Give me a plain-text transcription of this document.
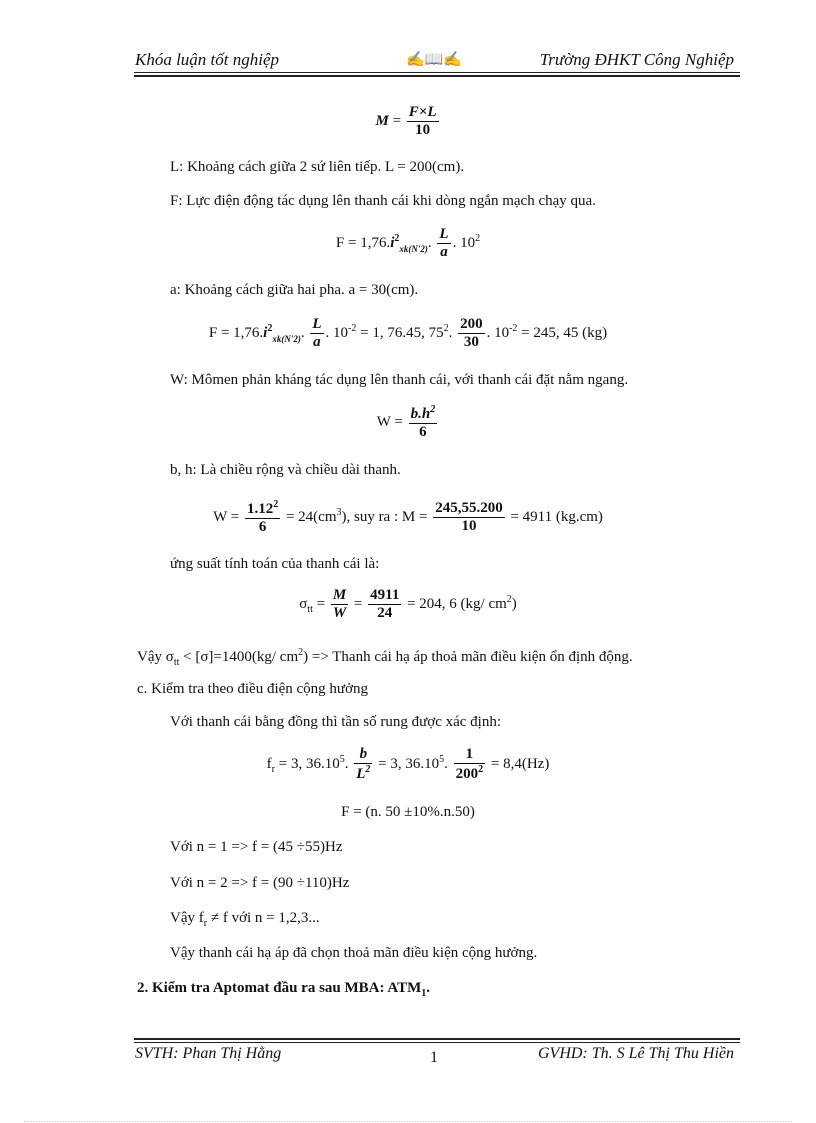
Khóa luận tốt nghiệp	✍📖✍	Trường ĐHKT Công Nghiệp
$M = \frac{F\times L}{10}$
L: Khoảng cách giữa 2 sứ liên tiếp. L = 200(cm).
F: Lực điện động tác dụng lên thanh cái khi dòng ngắn mạch chạy qua.
$F = 1,76.i^2_{xk(N'2)}$. $\frac{L}{a}$ . $10^2$
a: Khoảng cách giữa hai pha. a = 30(cm).
$F = 1,76.i^2_{xk(N'2)}$. $\frac{L}{a}$ . $10^{-2} = 1$, 76.45, $75^2$. $\frac{200}{30}$ . $10^{-2} = 245$, 45 (kg)
W: Mômen phản kháng tác dụng lên thanh cái, với thanh cái đặt nằm ngang.
$W = \frac{b.h^2}{6}$
b, h: Là chiều rộng và chiều dài thanh.
$W = \frac{1.12^2}{6} = 24(cm^3)$, suy ra : $M = \frac{245,55.200}{10} = 4911$ (kg.cm)
ứng suất tính toán của thanh cái là:
$\sigma_{tt} = \frac{M}{W} = \frac{4911}{24} = 204$, 6 (kg/ $cm^2$)
Vậy $\sigma_{tt} < [\sigma]=1400(kg/$ $cm^2$) => Thanh cái hạ áp thoả mãn điều kiện ổn định động.
c. Kiểm tra theo điều điện cộng hưởng
Với thanh cái bằng đồng thì tần số rung được xác định:
$f_r = 3$, 36.10$^5$. $\frac{b}{L^2} = 3$, 36.10$^5$. $\frac{1}{200^2} = 8,4(Hz)$
F = (n. 50 ±10%.n.50)
Với n = 1 => f = (45 ÷55)Hz
Với n = 2 => f = (90 ÷110)Hz
Vậy $f_r \ne f$ với n = 1,2,3...
Vậy thanh cái hạ áp đã chọn thoả mãn điều kiện cộng hưởng.
2. Kiểm tra Aptomat đầu ra sau MBA: $ATM_1$.
SVTH: Phan Thị Hằng	1	GVHD: Th. S Lê Thị Thu Hiền
